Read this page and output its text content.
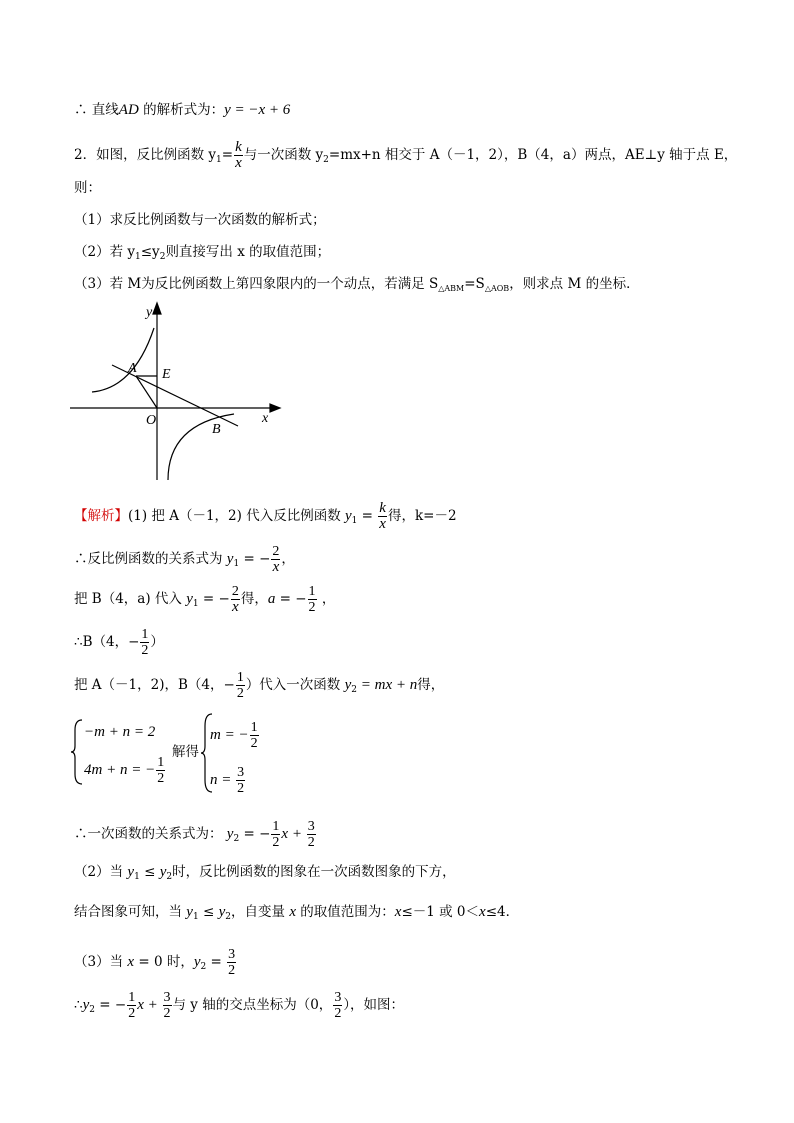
∴ 直线AD 的解析式为：y = −x + 6
2．如图，反比例函数 $y_1= \frac{k}{x}$ 与一次函数 $y_2=mx+n$ 相交于 A（－1，2），B（4，a）两点，AE⊥y 轴于点 E，
则：
（1）求反比例函数与一次函数的解析式；
（2）若 $y_1\le y_2$则直接写出 x 的取值范围；
（3）若 M为反比例函数上第四象限内的一个动点，若满足 $S_{\triangle ABM}=S_{\triangle AOB}$，则求点 M 的坐标．
y
x
A E
O
B
【解析】(1) 把 A（－1，2) 代入反比例函数 $y_1 = \frac{k}{x}$ 得，k=－2
∴反比例函数的关系式为 $y_1$ = − $\frac{2}{x}$ ，
把 B（4，a) 代入 $y_1$ = − $\frac{2}{x}$ 得，a = − $\frac{1}{2}$ ，
∴B（4，− $\frac{1}{2}$ ）
把 A（－1，2)，B（4，− $\frac{1}{2}$ ）代入一次函数 $y_2$ = mx + n得，
−m + n = 2
4m + n = − $\frac{1}{2}$
解得
m = − $\frac{1}{2}$
$n = \frac{3}{2}$
∴一次函数的关系式为： $y_2$ = − $\frac{1}{2}$ $x + \frac{3}{2}$
（2）当 $y_1 \le y_2$时，反比例函数的图象在一次函数图象的下方，
结合图象可知，当 $y_1 \le y_2$，自变量 x 的取值范围为：x≤－1 或 0＜x≤4．
（3）当 x = 0 时，$y_2 = \frac{3}{2}$
$\therefore y_2$ = − $\frac{1}{2}$ $x + \frac{3}{2}$ 与 y 轴的交点坐标为（0， $\frac{3}{2}$ ），如图：
